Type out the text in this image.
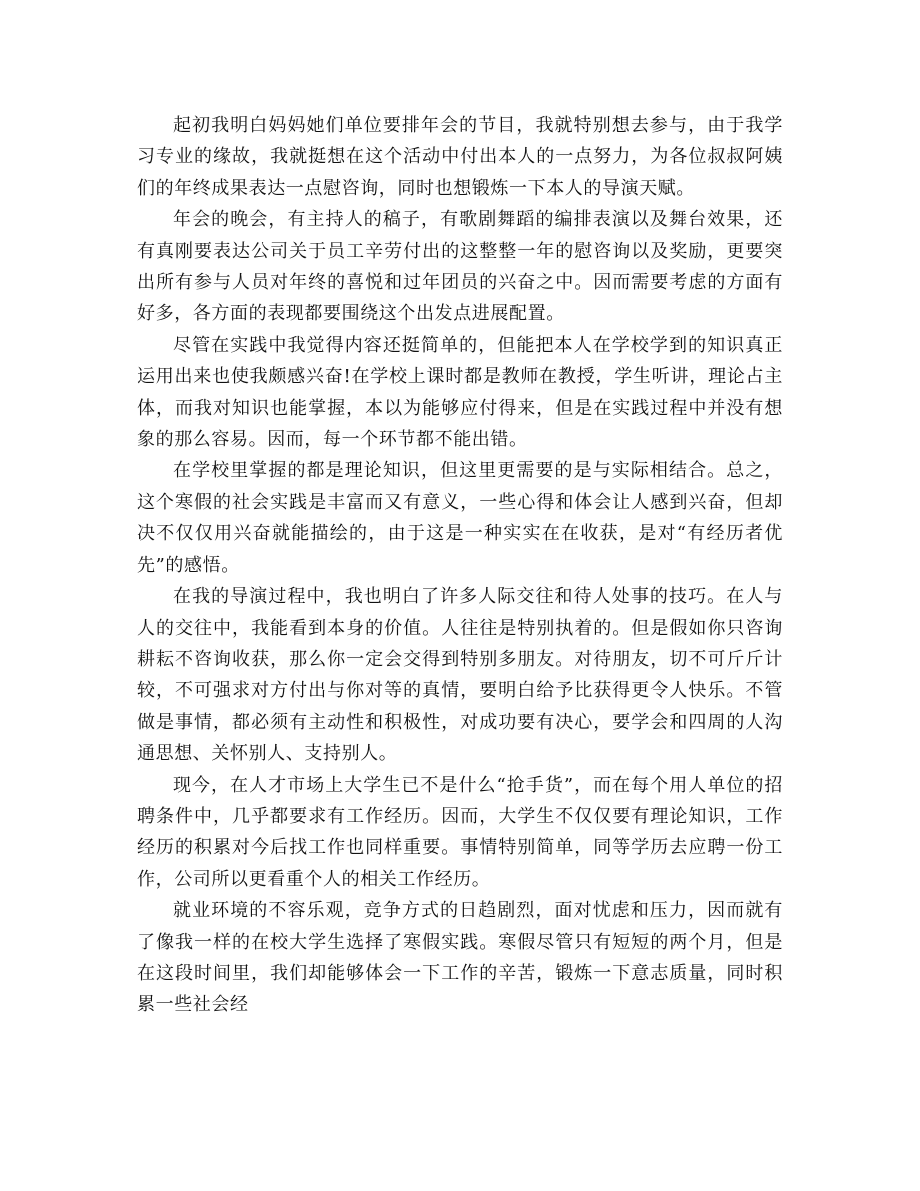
起初我明白妈妈她们单位要排年会的节目，我就特别想去参与，由于我学习专业的缘故，我就挺想在这个活动中付出本人的一点努力，为各位叔叔阿姨们的年终成果表达一点慰咨询，同时也想锻炼一下本人的导演天赋。

年会的晚会，有主持人的稿子，有歌剧舞蹈的编排表演以及舞台效果，还有真刚要表达公司关于员工辛劳付出的这整整一年的慰咨询以及奖励，更要突出所有参与人员对年终的喜悦和过年团员的兴奋之中。因而需要考虑的方面有好多，各方面的表现都要围绕这个出发点进展配置。

尽管在实践中我觉得内容还挺简单的，但能把本人在学校学到的知识真正运用出来也使我颇感兴奋!在学校上课时都是教师在教授，学生听讲，理论占主体，而我对知识也能掌握，本以为能够应付得来，但是在实践过程中并没有想象的那么容易。因而，每一个环节都不能出错。

在学校里掌握的都是理论知识，但这里更需要的是与实际相结合。总之，这个寒假的社会实践是丰富而又有意义，一些心得和体会让人感到兴奋，但却决不仅仅用兴奋就能描绘的，由于这是一种实实在在收获，是对“有经历者优先”的感悟。

在我的导演过程中，我也明白了许多人际交往和待人处事的技巧。在人与人的交往中，我能看到本身的价值。人往往是特别执着的。但是假如你只咨询耕耘不咨询收获，那么你一定会交得到特别多朋友。对待朋友，切不可斤斤计较，不可强求对方付出与你对等的真情，要明白给予比获得更令人快乐。不管做是事情，都必须有主动性和积极性，对成功要有决心，要学会和四周的人沟通思想、关怀别人、支持别人。

现今，在人才市场上大学生已不是什么“抢手货”，而在每个用人单位的招聘条件中，几乎都要求有工作经历。因而，大学生不仅仅要有理论知识，工作经历的积累对今后找工作也同样重要。事情特别简单，同等学历去应聘一份工作，公司所以更看重个人的相关工作经历。

就业环境的不容乐观，竞争方式的日趋剧烈，面对忧虑和压力，因而就有了像我一样的在校大学生选择了寒假实践。寒假尽管只有短短的两个月，但是在这段时间里，我们却能够体会一下工作的辛苦，锻炼一下意志质量，同时积累一些社会经
